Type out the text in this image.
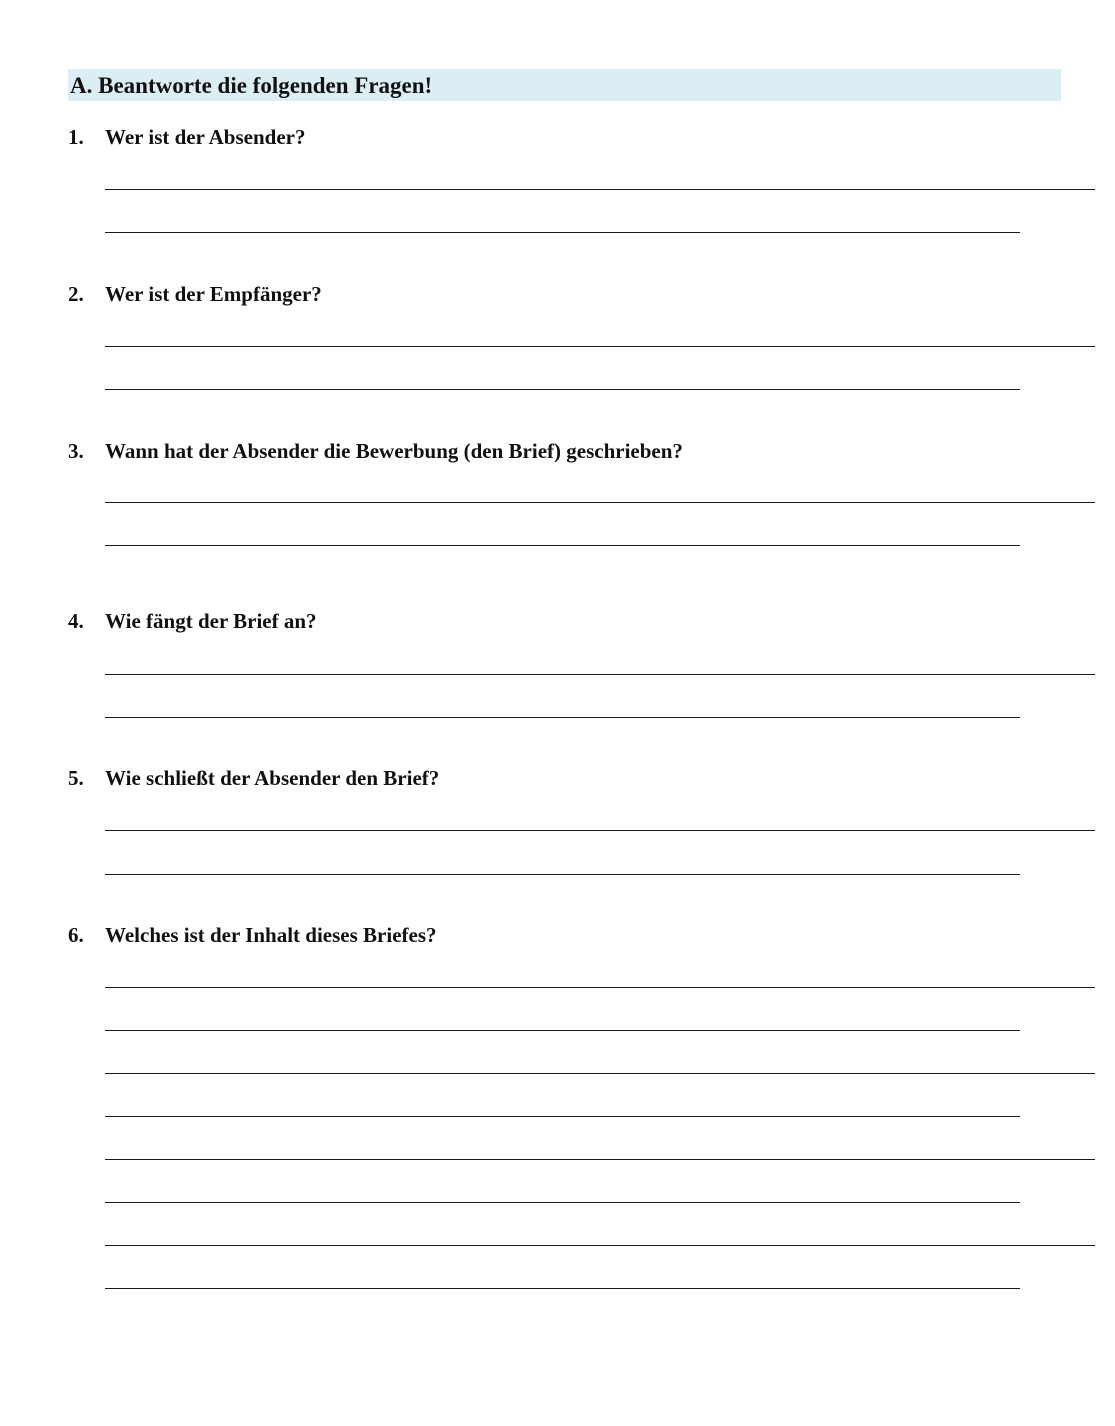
A. Beantworte die folgenden Fragen!
1. Wer ist der Absender?
2. Wer ist der Empfänger?
3. Wann hat der Absender die Bewerbung (den Brief) geschrieben?
4. Wie fängt der Brief an?
5. Wie schließt der Absender den Brief?
6. Welches ist der Inhalt dieses Briefes?
